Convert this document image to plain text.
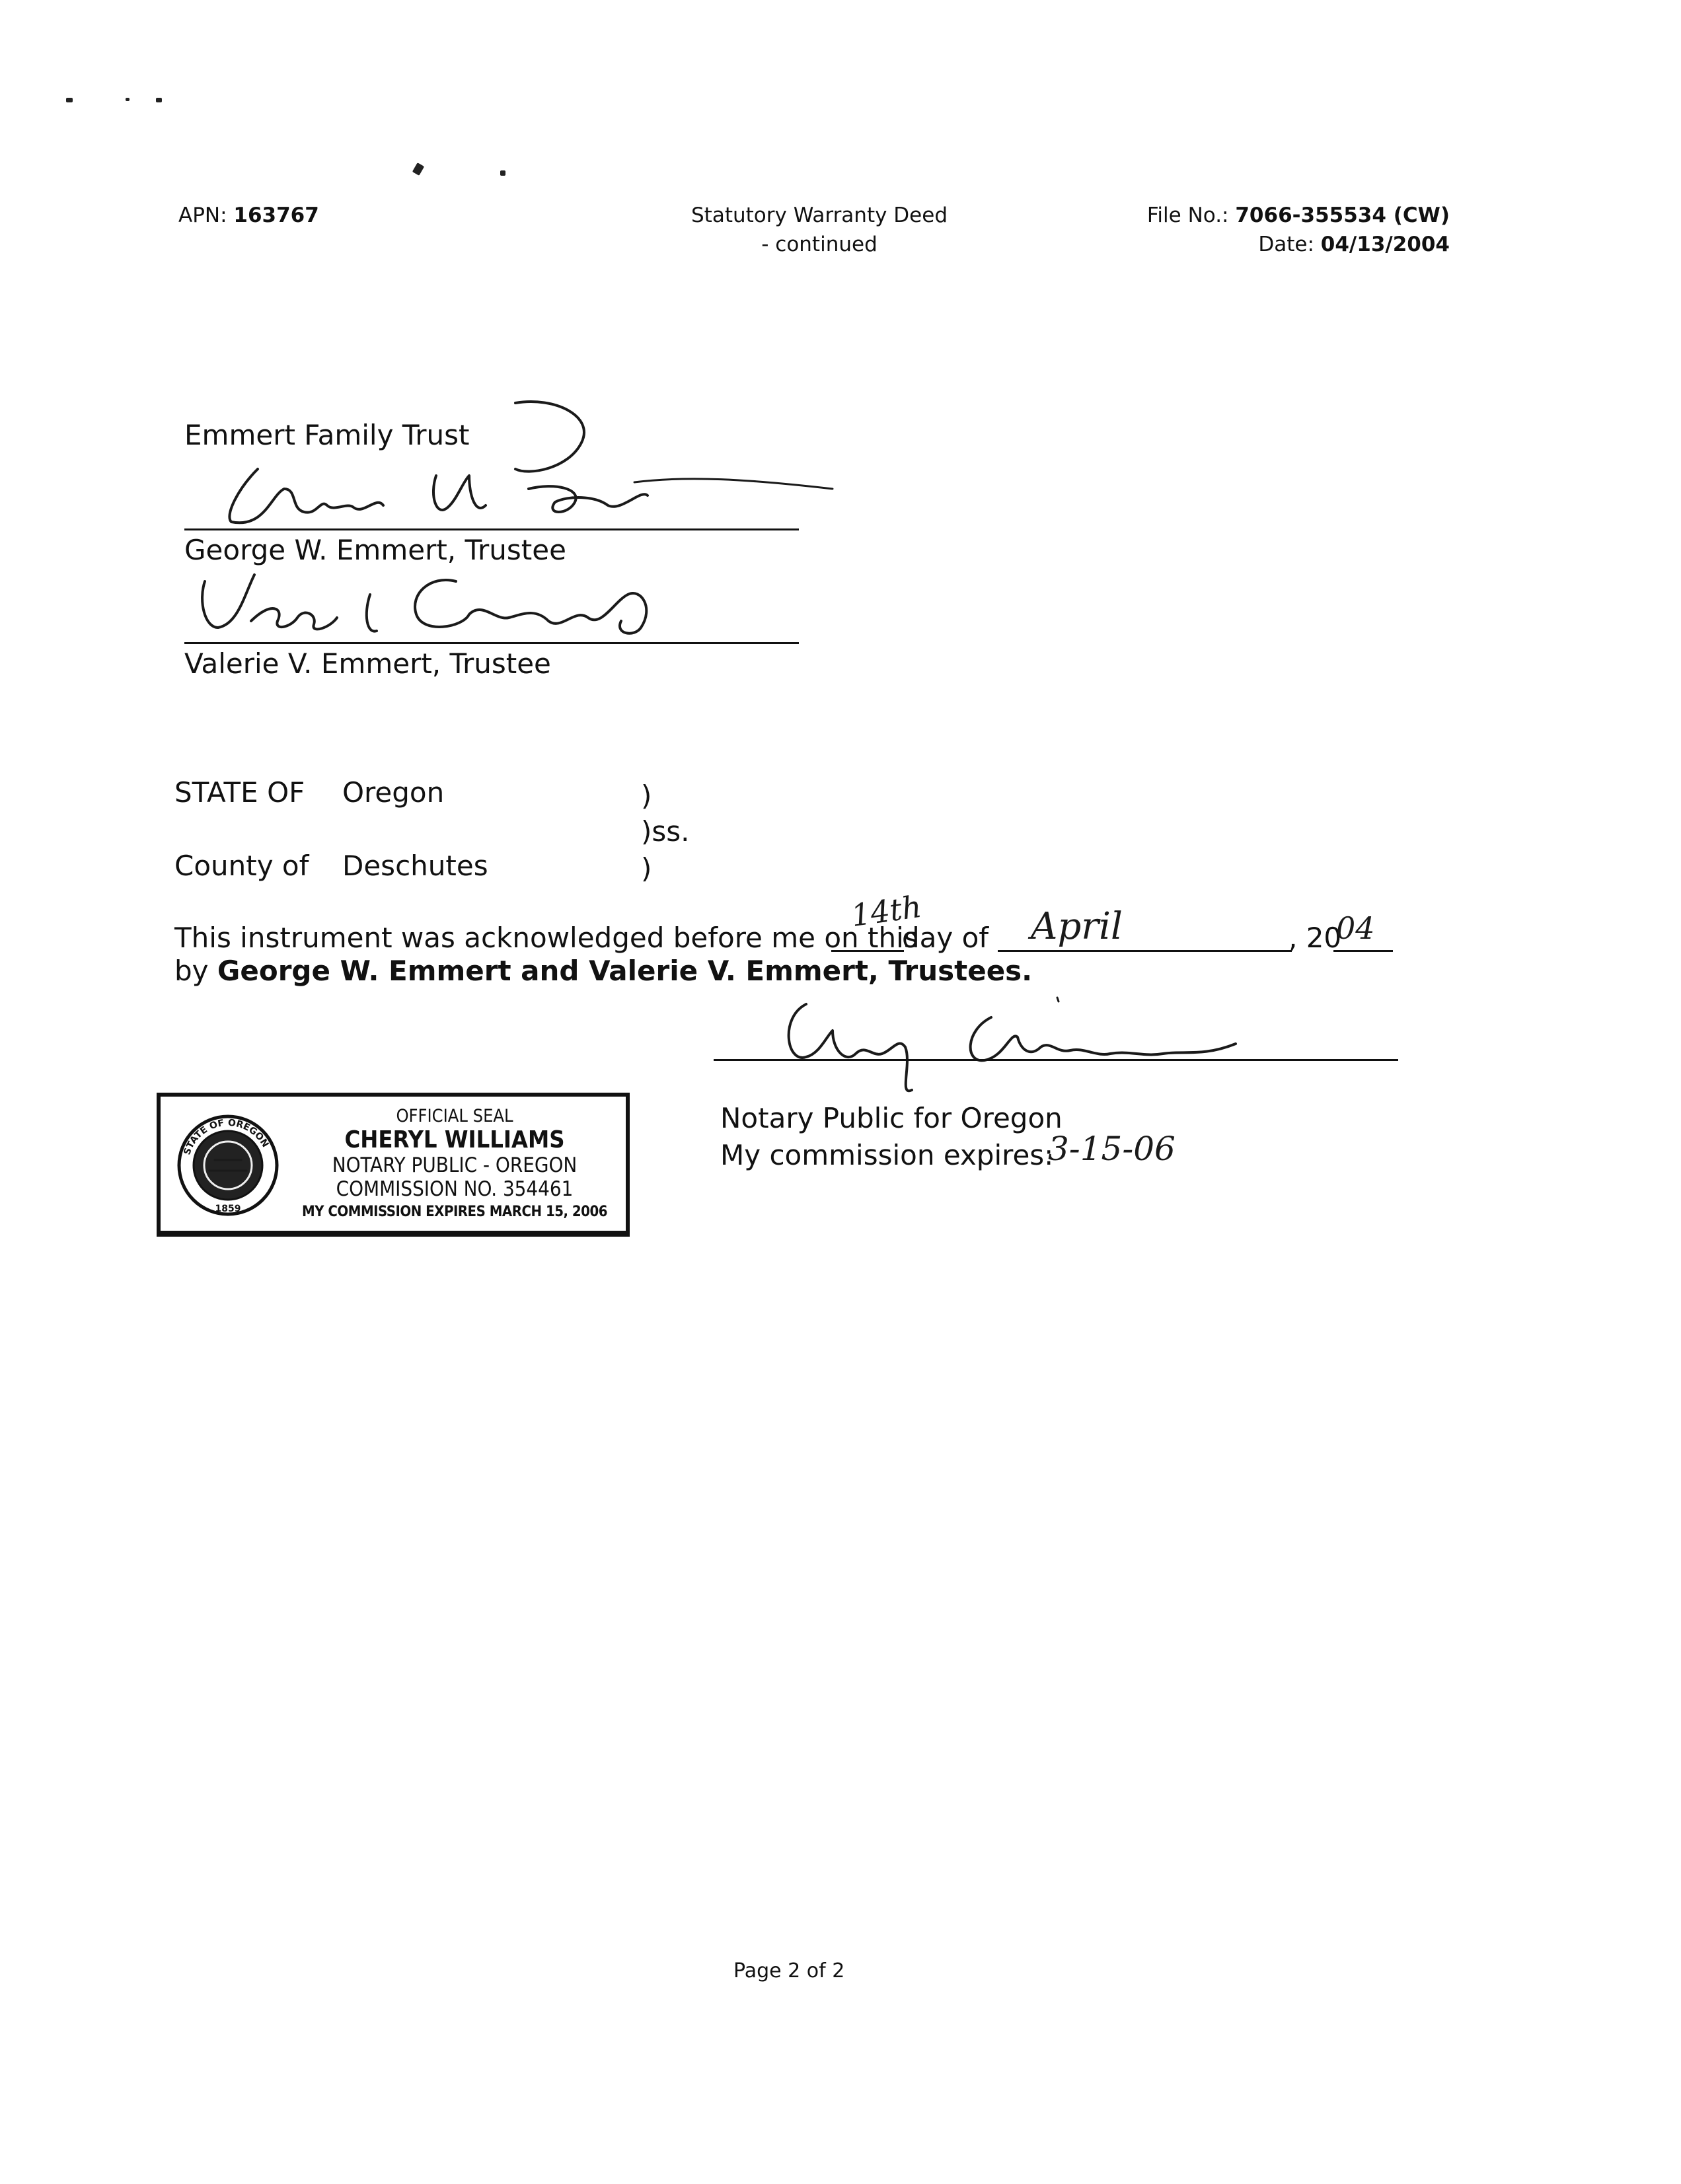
APN: 163767	Statutory Warranty Deed
- continued
File No.: 7066-355534 (CW)
Date: 04/13/2004
Emmert Family Trust
George W. Emmert, Trustee
Valerie V. Emmert, Trustee
STATE OF Oregon	)
)ss.
County of Deschutes	)
This instrument was acknowledged before me on this
14th
day of April	, 20
04
by George W. Emmert and Valerie V. Emmert, Trustees.
Notary Public for Oregon
My commission expires:
3-15-06
STATE OF OREGON
1859
OFFICIAL SEAL
CHERYL WILLIAMS
NOTARY PUBLIC - OREGON
COMMISSION NO. 354461
MY COMMISSION EXPIRES MARCH 15, 2006
Page 2 of 2
